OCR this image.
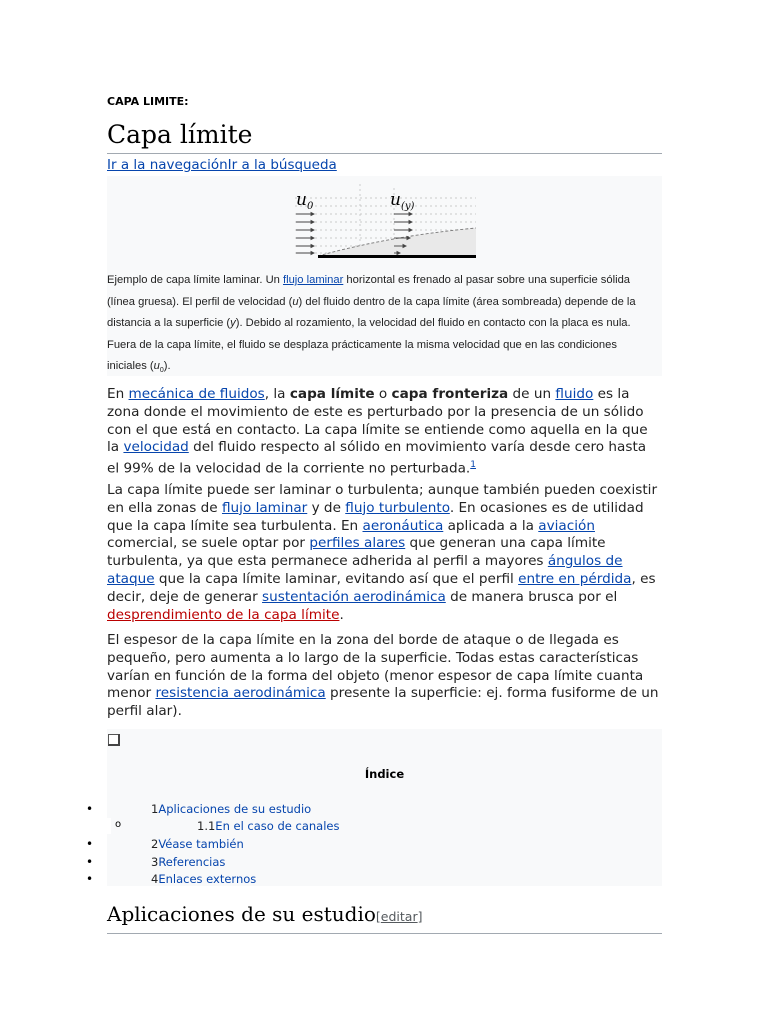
CAPA LIMITE:
Capa límite
Ir a la navegaciónIr a la búsqueda
$u_0$	$u_{(y)}$
Ejemplo de capa límite laminar. Un flujo laminar horizontal es frenado al pasar sobre una superficie sólida (línea gruesa). El perfil de velocidad (u) del fluido dentro de la capa límite (área sombreada) depende de la distancia a la superficie (y). Debido al rozamiento, la velocidad del fluido en contacto con la placa es nula. Fuera de la capa límite, el fluido se desplaza prácticamente la misma velocidad que en las condiciones iniciales $(u_0)$.
En mecánica de fluidos, la capa límite o capa fronteriza de un fluido es la zona donde el movimiento de este es perturbado por la presencia de un sólido con el que está en contacto. La capa límite se entiende como aquella en la que la velocidad del fluido respecto al sólido en movimiento varía desde cero hasta el 99% de la velocidad de la corriente no perturbada.$^1$
La capa límite puede ser laminar o turbulenta; aunque también pueden coexistir en ella zonas de flujo laminar y de flujo turbulento. En ocasiones es de utilidad que la capa límite sea turbulenta. En aeronáutica aplicada a la aviación comercial, se suele optar por perfiles alares que generan una capa límite turbulenta, ya que esta permanece adherida al perfil a mayores ángulos de ataque que la capa límite laminar, evitando así que el perfil entre en pérdida, es decir, deje de generar sustentación aerodinámica de manera brusca por el desprendimiento de la capa límite.
El espesor de la capa límite en la zona del borde de ataque o de llegada es pequeño, pero aumenta a lo largo de la superficie. Todas estas características varían en función de la forma del objeto (menor espesor de capa límite cuanta menor resistencia aerodinámica presente la superficie: ej. forma fusiforme de un perfil alar).
Índice
•	1Aplicaciones de su estudio
o	1.1En el caso de canales
•	2Véase también
•	3Referencias
•	4Enlaces externos
Aplicaciones de su estudio[editar]
